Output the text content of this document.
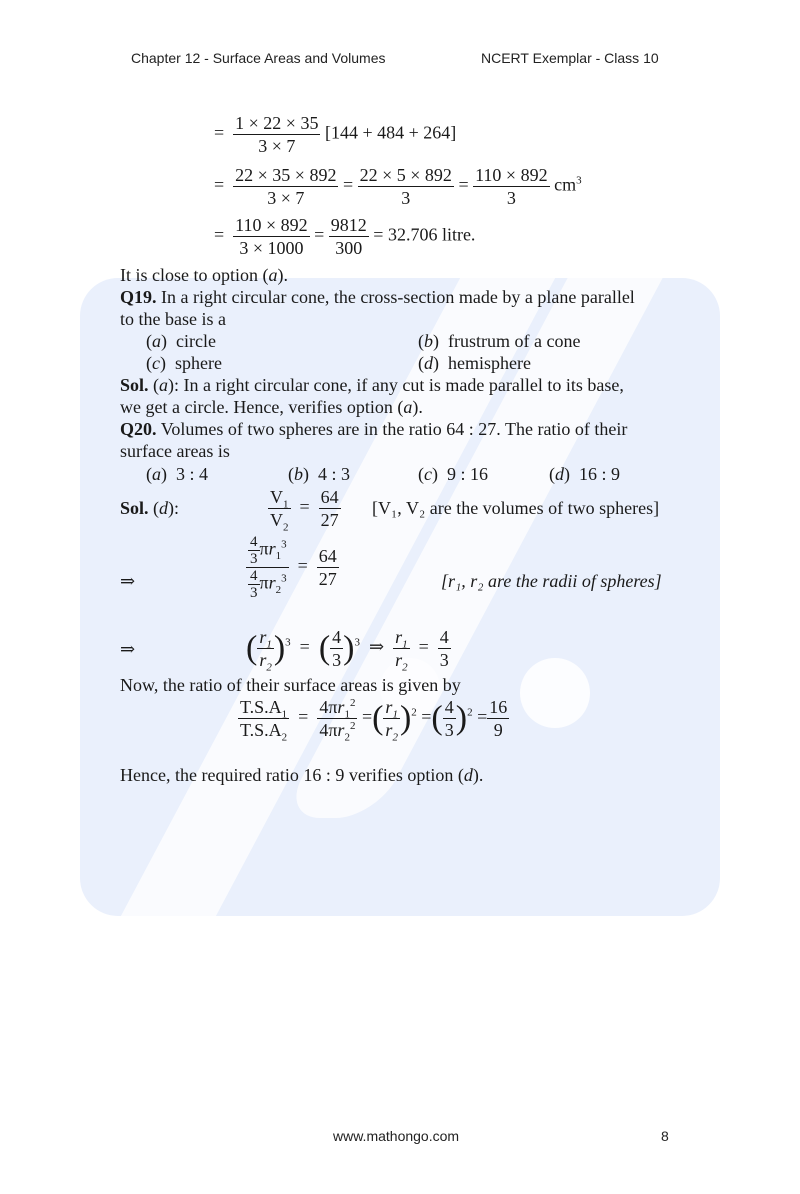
Chapter 12 - Surface Areas and Volumes	NCERT Exemplar - Class 10
= $\frac{1 \times 22 \times 35}{3 \times 7} [144 + 484 + 264]$
= $\frac{22 \times 35 \times 892}{3 \times 7} = \frac{22 \times 5 \times 892}{3} = \frac{110 \times 892}{3} cm^3$
= $\frac{110 \times 892}{3 \times 1000} = \frac{9812}{300} = 32.706$ litre.
It is close to option (a).
Q19. In a right circular cone, the cross-section made by a plane parallel
to the base is a
(a)  circle	(b)  frustrum of a cone
(c)  sphere	(d)  hemisphere
Sol. (a): In a right circular cone, if any cut is made parallel to its base,
we get a circle. Hence, verifies option (a).
Q20. Volumes of two spheres are in the ratio 64 : 27. The ratio of their
surface areas is
(a)  3 : 4	(b)  4 : 3	(c)  9 : 16	(d)  16 : 9
Sol. (d):	$\frac{V_1}{V_2} = \frac{64}{27} [V_1$, V₂ are the volumes of two spheres]
⇒	$\frac{\frac{4}{3} \pi r_1^3}{\frac{4}{3} \pi r_2^3} = \frac{64}{27}$	[r₁, r₂ are the radii of spheres]
⇒	( $\frac{r_1}{r_2} )^3$ = ( $\frac{4}{3} )^3$ ⇒ $\frac{r_1}{r_2} = \frac{4}{3}$
Now, the ratio of their surface areas is given by
$\frac{T.S.A_1}{T.S.A_2} = \frac{4\pi r_1^2}{4\pi r_2^2}$ =( $\frac{r_1}{r_2} )^2$ =( $\frac{4}{3} )^2 = \frac{16}{9}$
Hence, the required ratio 16 : 9 verifies option (d).
www.mathongo.com	8
